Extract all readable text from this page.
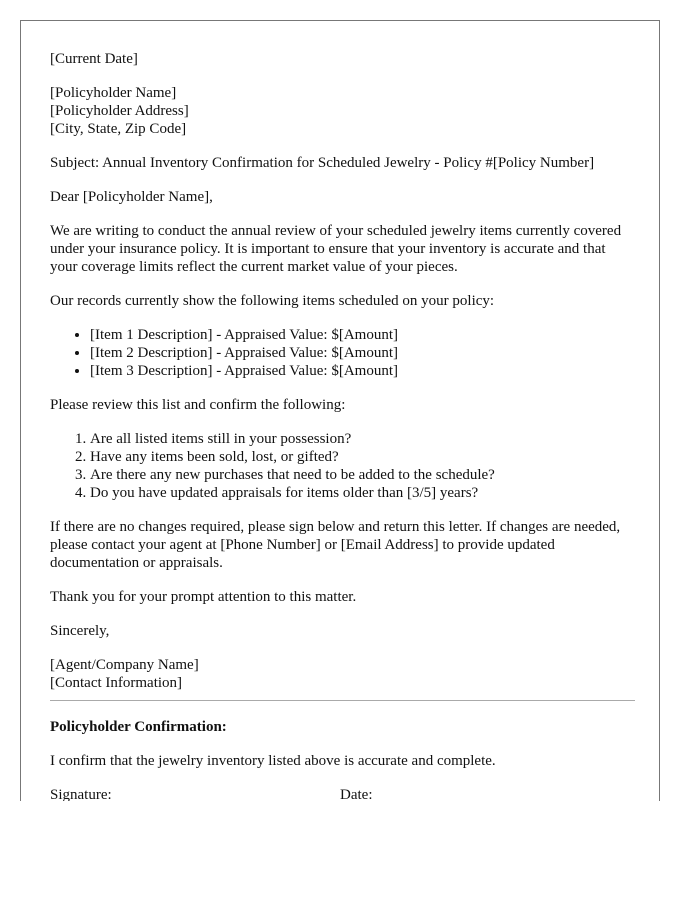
[Current Date]

[Policyholder Name]
[Policyholder Address]
[City, State, Zip Code]

Subject: Annual Inventory Confirmation for Scheduled Jewelry - Policy #[Policy Number]

Dear [Policyholder Name],

We are writing to conduct the annual review of your scheduled jewelry items currently covered under your insurance policy. It is important to ensure that your inventory is accurate and that your coverage limits reflect the current market value of your pieces.

Our records currently show the following items scheduled on your policy:

• [Item 1 Description] - Appraised Value: $[Amount]
• [Item 2 Description] - Appraised Value: $[Amount]
• [Item 3 Description] - Appraised Value: $[Amount]

Please review this list and confirm the following:

1. Are all listed items still in your possession?
2. Have any items been sold, lost, or gifted?
3. Are there any new purchases that need to be added to the schedule?
4. Do you have updated appraisals for items older than [3/5] years?

If there are no changes required, please sign below and return this letter. If changes are needed, please contact your agent at [Phone Number] or [Email Address] to provide updated documentation or appraisals.

Thank you for your prompt attention to this matter.

Sincerely,

[Agent/Company Name]
[Contact Information]

Policyholder Confirmation:

I confirm that the jewelry inventory listed above is accurate and complete.

Signature:	Date:
